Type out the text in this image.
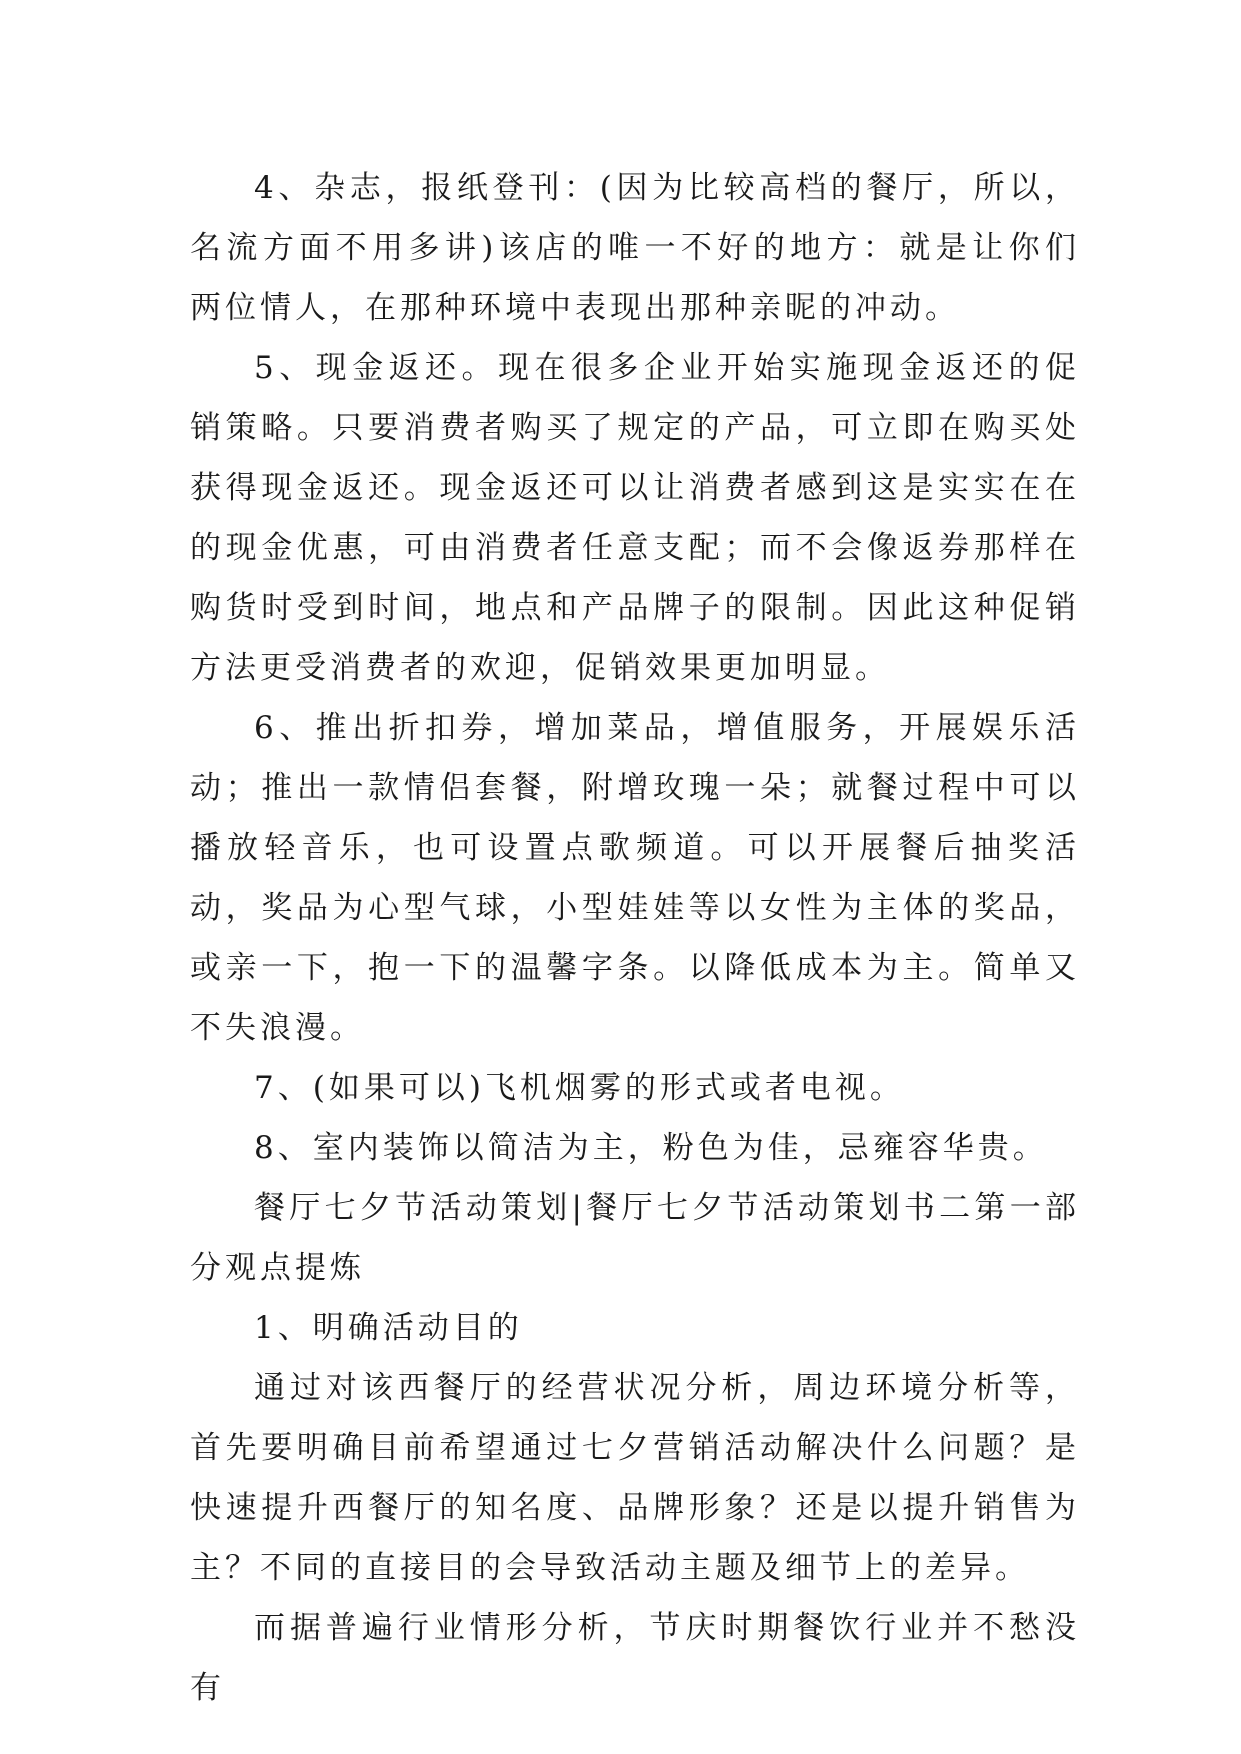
4、杂志，报纸登刊：(因为比较高档的餐厅，所以，名流方面不用多讲)该店的唯一不好的地方：就是让你们两位情人，在那种环境中表现出那种亲昵的冲动。

5、现金返还。现在很多企业开始实施现金返还的促销策略。只要消费者购买了规定的产品，可立即在购买处获得现金返还。现金返还可以让消费者感到这是实实在在的现金优惠，可由消费者任意支配；而不会像返券那样在购货时受到时间，地点和产品牌子的限制。因此这种促销方法更受消费者的欢迎，促销效果更加明显。

6、推出折扣券，增加菜品，增值服务，开展娱乐活动；推出一款情侣套餐，附增玫瑰一朵；就餐过程中可以播放轻音乐，也可设置点歌频道。可以开展餐后抽奖活动，奖品为心型气球，小型娃娃等以女性为主体的奖品，或亲一下，抱一下的温馨字条。以降低成本为主。简单又不失浪漫。

7、(如果可以)飞机烟雾的形式或者电视。

8、室内装饰以简洁为主，粉色为佳，忌雍容华贵。

餐厅七夕节活动策划|餐厅七夕节活动策划书二第一部分观点提炼

1、明确活动目的

通过对该西餐厅的经营状况分析，周边环境分析等，首先要明确目前希望通过七夕营销活动解决什么问题？是快速提升西餐厅的知名度、品牌形象？还是以提升销售为主？不同的直接目的会导致活动主题及细节上的差异。

而据普遍行业情形分析，节庆时期餐饮行业并不愁没有
